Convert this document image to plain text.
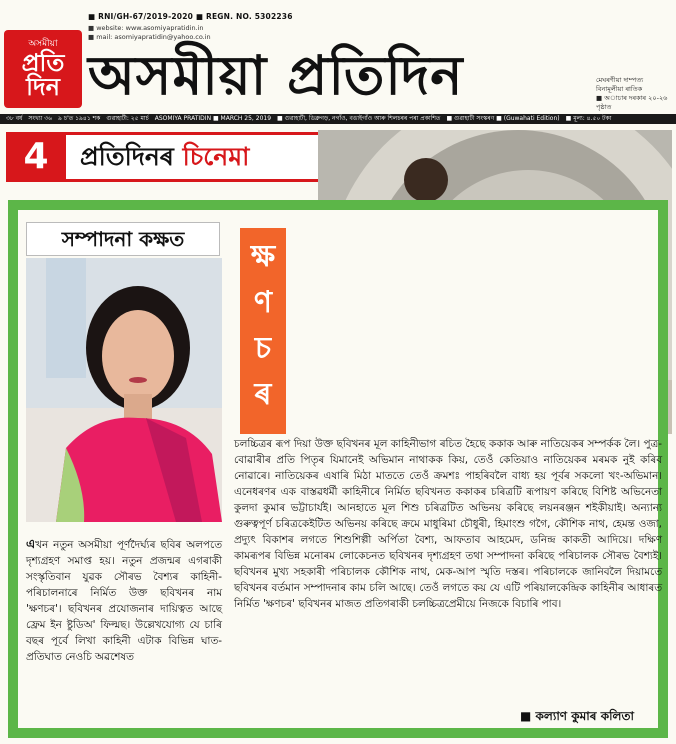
অসমীয়া
প্ৰতি
দিন
■ RNI/GH-67/2019-2020 ■ REGN. NO. 5302236
■ website: www.asomiyapratidin.in
■ mail: asomiyapratidin@yahoo.co.in
অসমীয়া প্ৰতিদিন	মেঘৰণীয়া দাম্পত্য
বিনামূলীয়া ৰাতিক
■ অাচাৰ দৰকাৰ ২০-২৬ পৃষ্ঠাত
৩৮ বৰ্ষ সংখ্যা ৩৬ ৯ চ'ত ১৯৪১ শক গুৱাহাটী: ২৫ মাৰ্চ ASOMIYA PRATIDIN ■ MARCH 25, 2019 ■ গুৱাহাটী, ডিব্ৰুগড়, নগাঁও, বঙাইগাঁও আৰু শিলচৰৰ পৰা প্ৰকাশিত ■ গুৱাহাটী সংস্কৰণ ■ (Guwahati Edition) ■ মূল্য: ৪.৫০ টকা
4	প্ৰতিদিনৰ চিনেমা
সম্পাদনা কক্ষত	ক্ষ
ণ
চ
ৰ

এখন নতুন অসমীয়া পূৰ্ণদৈৰ্ঘ্যৰ ছবিৰ অলপতে দৃশ্যগ্ৰহণ সমাপ্ত হয়। নতুন প্ৰজন্মৰ এগৰাকী সংস্কৃতিবান যুৱক সৌৰভ বৈশ্যৰ কাহিনী-পৰিচালনাৰে নিৰ্মিত উক্ত ছবিখনৰ নাম 'ক্ষণচৰ'। ছবিখনৰ প্ৰযোজনাৰ দায়িত্বত আছে ফ্ৰেম ইন ষ্টুডিঅ' ফিল্মছ। উল্লেখযোগ্য যে চাৰি বছৰ পূৰ্বে লিখা কাহিনী এটাক বিভিন্ন ঘাত-প্ৰতিঘাত নেওচি অৱশেষত

চলচ্চিত্ৰৰ ৰূপ দিয়া উক্ত ছবিখনৰ মূল কাহিনীভাগ ৰচিত হৈছে ককাক আৰু নাতিয়েকৰ সম্পৰ্কক লৈ। পুত্ৰ-বোৱাৰীৰ প্ৰতি পিতৃৰ যিমানেই অভিমান নাথাকক কিয়, তেওঁ কেতিয়াও নাতিয়েকৰ মৰমক নুই কৰিব নোৱাৰে। নাতিয়েকৰ এষাৰি মিঠা মাততে তেওঁ ক্ৰমশঃ পাহৰিবলৈ বাধ্য হয় পূৰ্বৰ সকলো খং-অভিমান। এনেধৰণৰ এক বাস্তৱধৰ্মী কাহিনীৰে নিৰ্মিত ছবিখনত ককাকৰ চৰিত্ৰটি ৰূপায়ণ কৰিছে বিশিষ্ট অভিনেতা কুলদা কুমাৰ ভট্টাচাৰ্যই। আনহাতে মূল শিশু চৰিত্ৰটিত অভিনয় কৰিছে লয়নৰঞ্জন শইকীয়াই। অন্যান্য গুৰুত্বপূৰ্ণ চৰিত্ৰকেইটিত অভিনয় কৰিছে ক্ৰমে মাধুৰিমা চৌধুৰী, হিমাংশু গগৈ, কৌশিক নাথ, হেমন্ত ওজা, প্ৰদ্যুৎ বিকাশৰ লগতে শিশুশিল্পী অৰ্পিতা বৈশ্য, আফতাব আহমেদ, ডনিন্দ্ৰ কাকতী আদিয়ে। দক্ষিণ কামৰূপৰ বিভিন্ন মনোৰম লোকেচনত ছবিখনৰ দৃশ্যগ্ৰহণ তথা সম্পাদনা কৰিছে পৰিচালক সৌৰভ বৈশ্যই। ছবিখনৰ মুখ্য সহকাৰী পৰিচালক কৌশিক নাথ, মেক-আপ স্মৃতি দস্তৰ। পৰিচালকে জানিবলৈ দিয়ামতে ছবিখনৰ বৰ্তমান সম্পাদনাৰ কাম চলি আছে। তেওঁ লগতে কয় যে এটি পৰিয়ালকেন্দ্ৰিক কাহিনীৰ আধাৰত নিৰ্মিত 'ক্ষণচৰ' ছবিখনৰ মাজত প্ৰতিগৰাকী চলচ্চিত্ৰপ্ৰেমীয়ে নিজকে বিচাৰি পাব।

■ কল্যাণ কুমাৰ কলিতা
